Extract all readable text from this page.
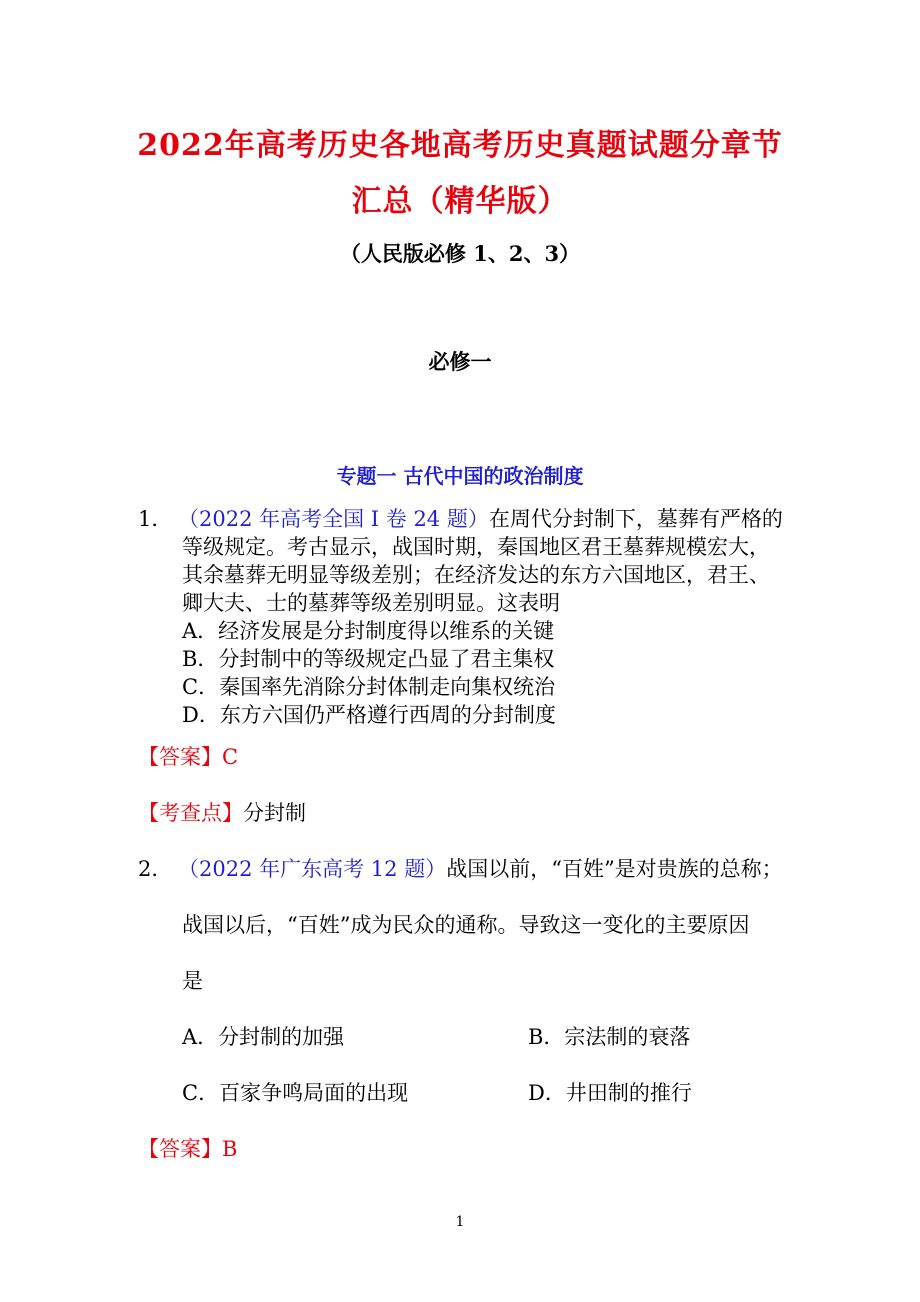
2022年高考历史各地高考历史真题试题分章节
汇总（精华版）
（人民版必修 1、2、3）
必修一
专题一 古代中国的政治制度
1． （2022 年高考全国 I 卷 24 题）在周代分封制下，墓葬有严格的
等级规定。考古显示，战国时期，秦国地区君王墓葬规模宏大，
其余墓葬无明显等级差别；在经济发达的东方六国地区，君王、
卿大夫、士的墓葬等级差别明显。这表明
A．经济发展是分封制度得以维系的关键
B．分封制中的等级规定凸显了君主集权
C．秦国率先消除分封体制走向集权统治
D．东方六国仍严格遵行西周的分封制度
【答案】C
【考查点】分封制
2． （2022 年广东高考 12 题）战国以前，“百姓”是对贵族的总称；
战国以后，“百姓”成为民众的通称。导致这一变化的主要原因
是
A．分封制的加强	B．宗法制的衰落
C．百家争鸣局面的出现	D．井田制的推行
【答案】B
1
